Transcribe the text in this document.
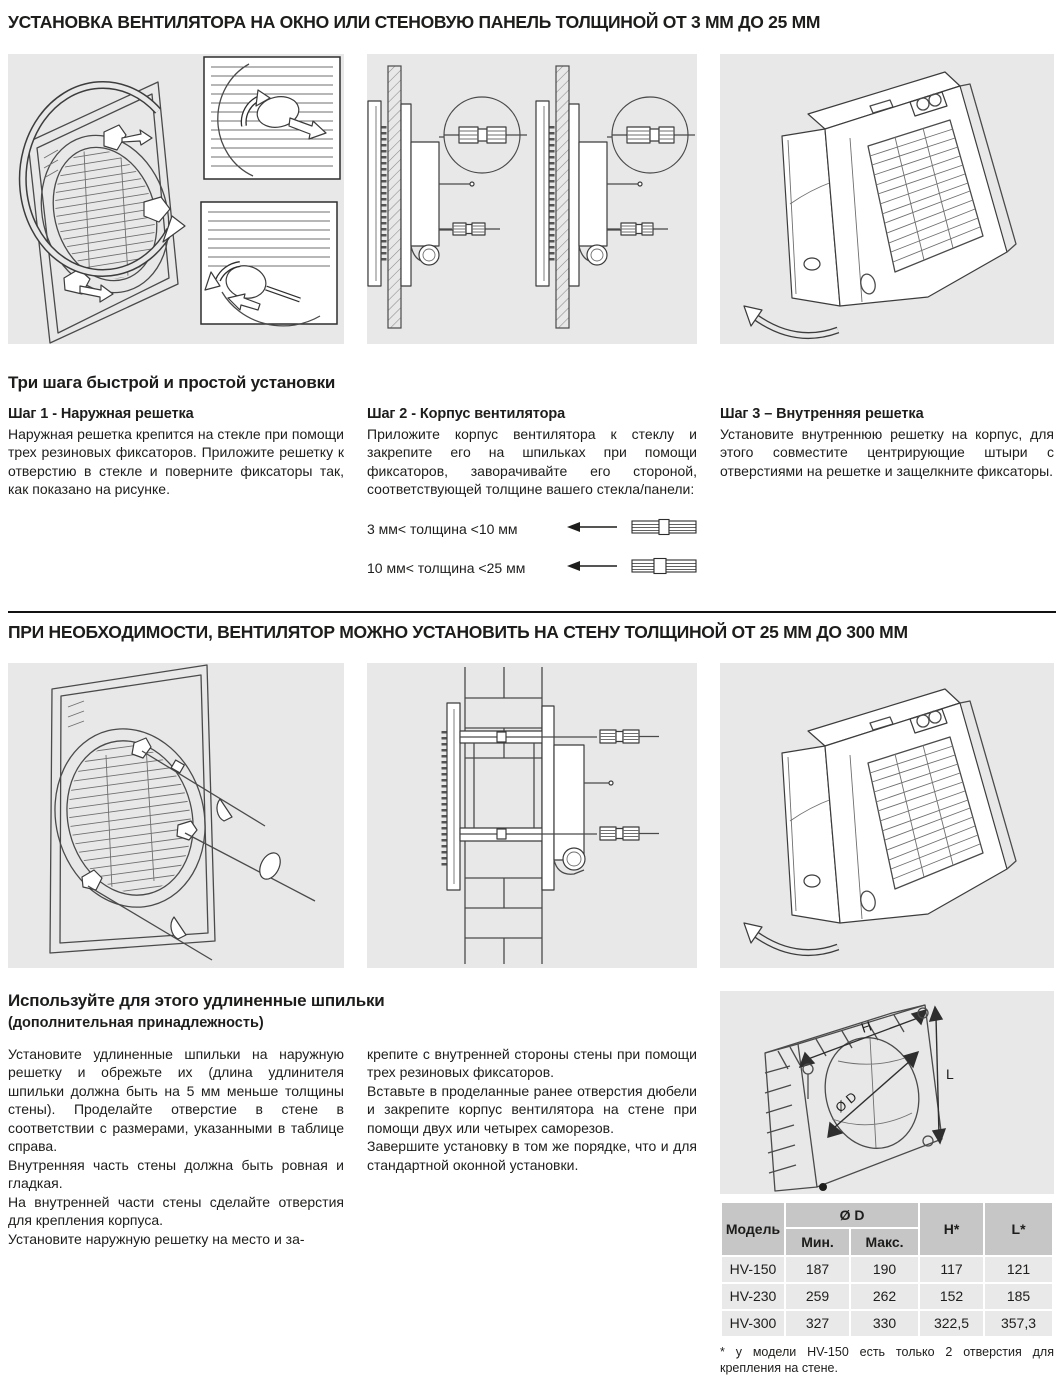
УСТАНОВКА ВЕНТИЛЯТОРА НА ОКНО ИЛИ СТЕНОВУЮ ПАНЕЛЬ ТОЛЩИНОЙ ОТ 3 ММ ДО 25 ММ
Три шага быстрой и простой установки
Шаг 1 - Наружная решетка

Наружная решетка крепится на стекле при помощи трех резиновых фиксаторов. Приложите решетку к отверстию в стекле и поверните фиксаторы так, как показано на рисунке.

Шаг 2 - Корпус вентилятора

Приложите корпус вентилятора к стеклу и закрепите его на шпильках при помощи фиксаторов, заворачивайте его стороной, соответствующей толщине вашего стекла/панели:

3 мм< толщина <10 мм
10 мм< толщина <25 мм
Шаг 3 – Внутренняя решетка

Установите внутреннюю решетку на корпус, для этого совместите центрирующие штыри с отверстиями на решетке и защелкните фиксаторы.

ПРИ НЕОБХОДИМОСТИ, ВЕНТИЛЯТОР МОЖНО УСТАНОВИТЬ НА СТЕНУ ТОЛЩИНОЙ ОТ 25 ММ ДО 300 ММ
Используйте для этого удлиненные шпильки
(дополнительная принадлежность)

Установите удлиненные шпильки на наружную решетку и обрежьте их (длина удлинителя шпильки должна быть на 5 мм меньше толщины стены). Проделайте отверстие в стене в соответствии с размерами, указанными в таблице справа.

Внутренняя часть стены должна быть ровная и гладкая.

На внутренней части стены сделайте отверстия для крепления корпуса.

Установите наружную решетку на место и за-

крепите с внутренней стороны стены при помощи трех резиновых фиксаторов.

Вставьте в проделанные ранее отверстия дюбели и закрепите корпус вентилятора на стене при помощи двух или четырех саморезов.

Завершите установку в том же порядке, что и для стандартной оконной установки.

H
L
Ø D
Модель	Ø D		H*	L*
	Мин.	Макс.		
HV-150	187	190	117	121
HV-230	259	262	152	185
HV-300	327	330	322,5	357,3

* у модели HV-150 есть только 2 отверстия для крепления на стене.
